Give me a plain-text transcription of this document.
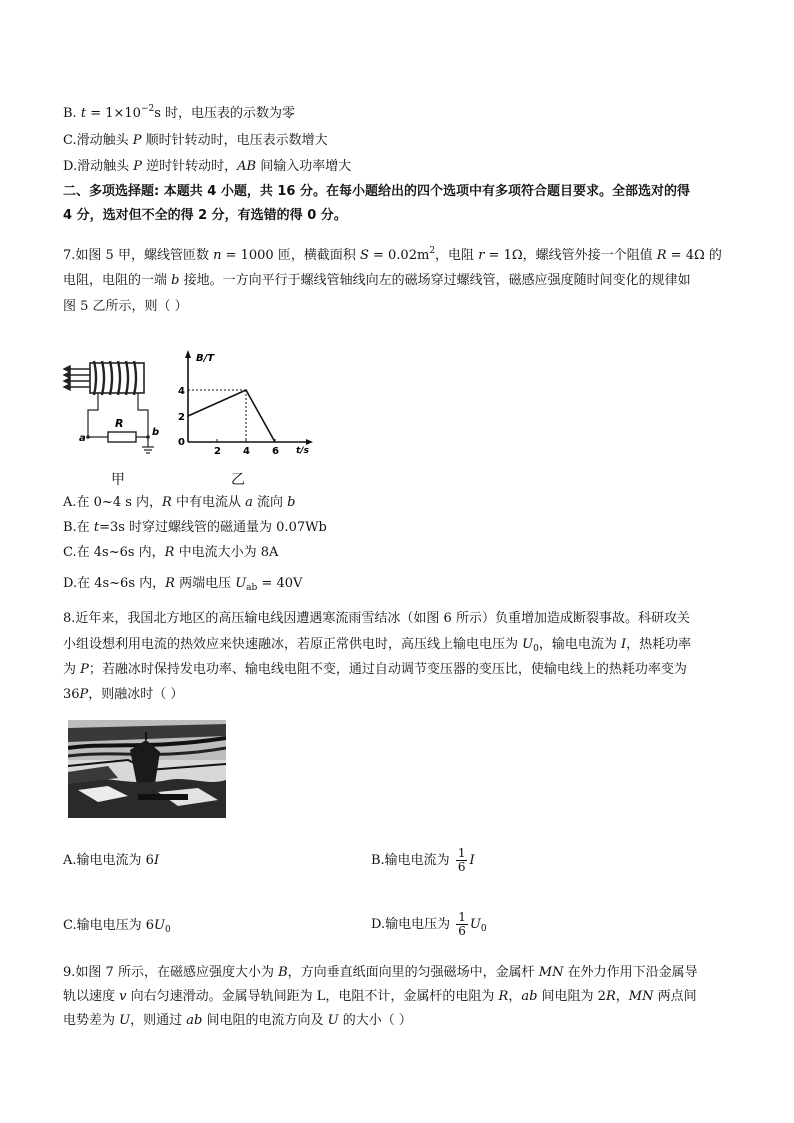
B. $t = 1\times 10^{-2}s$ 时，电压表的示数为零
C.滑动触头 P 顺时针转动时，电压表示数增大
D.滑动触头 P 逆时针转动时，AB 间输入功率增大
二、多项选择题: 本题共 4 小题，共 16 分。在每小题给出的四个选项中有多项符合题目要求。全部选对的得
4 分，选对但不全的得 2 分，有选错的得 0 分。
7.如图 5 甲，螺线管匝数 n = 1000 匝，横截面积 $S = 0.02m^2$，电阻 r = 1Ω，螺线管外接一个阻值 R = 4Ω 的
电阻，电阻的一端 b 接地。一方向平行于螺线管轴线向左的磁场穿过螺线管，磁感应强度随时间变化的规律如
图 5 乙所示，则（ ）
R
a
b
甲
B/T
t/s
2 4 6
0
2
4
乙
A.在 0~4 s 内，R 中有电流从 a 流向 b
B.在 t=3s 时穿过螺线管的磁通量为 0.07Wb
C.在 4s~6s 内，R 中电流大小为 8A
D.在 4s~6s 内，R 两端电压 $U_{ab} = 40V$
8.近年来，我国北方地区的高压输电线因遭遇寒流雨雪结冰（如图 6 所示）负重增加造成断裂事故。科研攻关
小组设想利用电流的热效应来快速融冰，若原正常供电时，高压线上输电电压为 $U_0$，输电电流为 I，热耗功率
为 P；若融冰时保持发电功率、输电线电阻不变，通过自动调节变压器的变压比，使输电线上的热耗功率变为
36P，则融冰时（ ）
A.输电电流为 6I	B.输电电流为 $\frac{1}{6}$ I
C.输电电压为 $6U_0$	D.输电电压为 $\frac{1}{6} U_0$
9.如图 7 所示，在磁感应强度大小为 B，方向垂直纸面向里的匀强磁场中，金属杆 MN 在外力作用下沿金属导
轨以速度 v 向右匀速滑动。金属导轨间距为 L，电阻不计，金属杆的电阻为 R，ab 间电阻为 2R，MN 两点间
电势差为 U，则通过 ab 间电阻的电流方向及 U 的大小（ ）
